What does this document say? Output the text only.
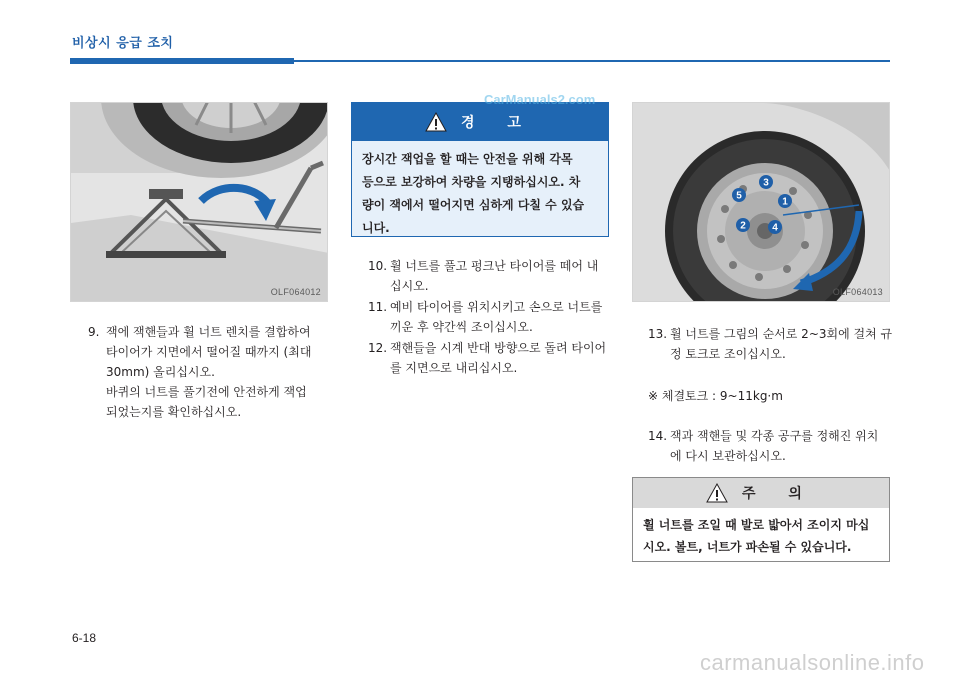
비상시 응급 조치
OLF064012
1
2
3
4
5
OLF064013
9. 잭에 잭핸들과 휠 너트 렌치를 결합하여
타이어가 지면에서 떨어질 때까지 (최대
30mm) 올리십시오.
바퀴의 너트를 풀기전에 안전하게 잭업
되었는지를 확인하십시오.
경 고
장시간 잭업을 할 때는 안전을 위해 각목
등으로 보강하여 차량을 지탱하십시오. 차
량이 잭에서 떨어지면 심하게 다칠 수 있습
니다.
10. 휠 너트를 풀고 펑크난 타이어를 떼어 내
십시오.
11. 예비 타이어를 위치시키고 손으로 너트를
끼운 후 약간씩 조이십시오.
12. 잭핸들을 시계 반대 방향으로 돌려 타이어
를 지면으로 내리십시오.
13. 휠 너트를 그림의 순서로 2~3회에 걸쳐 규
정 토크로 조이십시오.
※ 체결토크 : 9~11kg·m
14. 잭과 잭핸들 및 각종 공구를 정해진 위치
에 다시 보관하십시오.
주 의
휠 너트를 조일 때 발로 밟아서 조이지 마십
시오. 볼트, 너트가 파손될 수 있습니다.
6-18
CarManuals2.com
carmanualsonline.info
